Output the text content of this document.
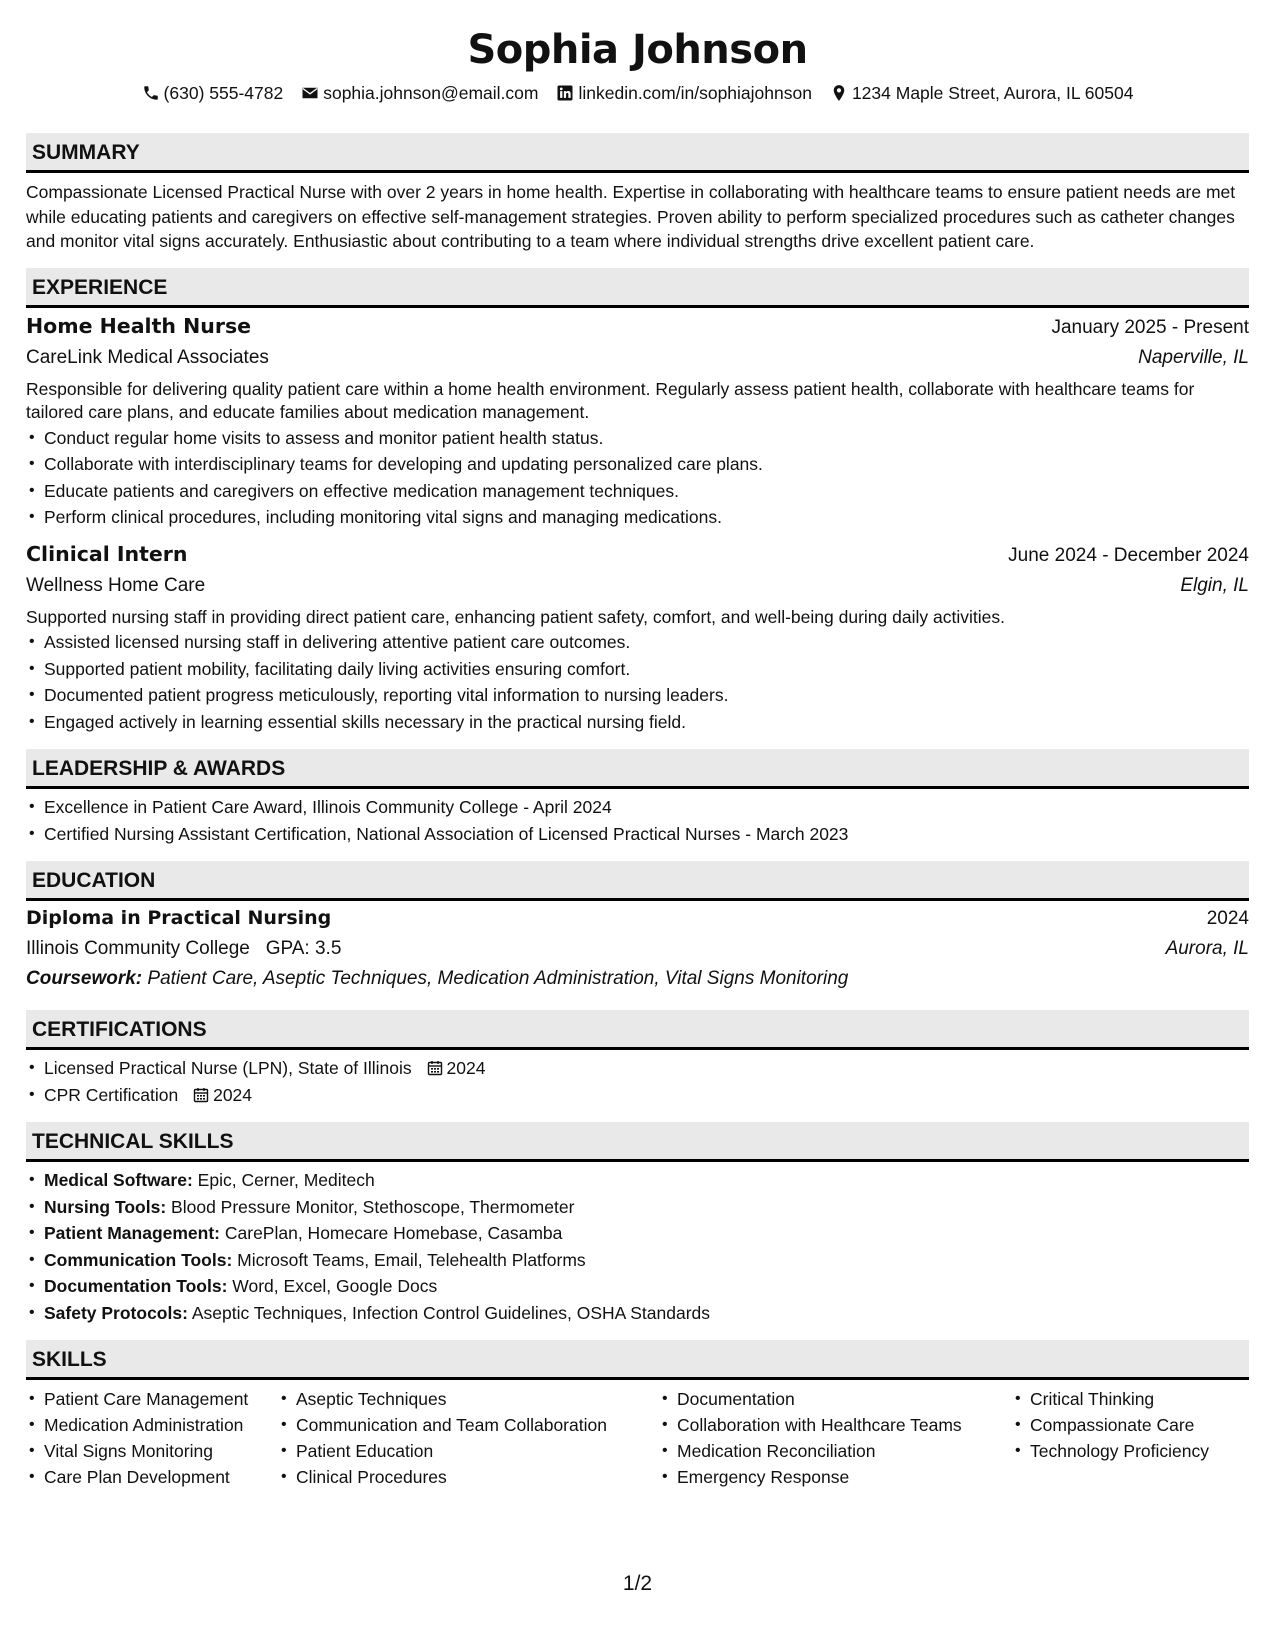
Sophia Johnson
(630) 555-4782 sophia.johnson@email.com linkedin.com/in/sophiajohnson 1234 Maple Street, Aurora, IL 60504
SUMMARY
Compassionate Licensed Practical Nurse with over 2 years in home health. Expertise in collaborating with healthcare teams to ensure patient needs are met while educating patients and caregivers on effective self-management strategies. Proven ability to perform specialized procedures such as catheter changes and monitor vital signs accurately. Enthusiastic about contributing to a team where individual strengths drive excellent patient care.
EXPERIENCE
Home Health Nurse	January 2025 - Present
CareLink Medical Associates	Naperville, IL
Responsible for delivering quality patient care within a home health environment. Regularly assess patient health, collaborate with healthcare teams for tailored care plans, and educate families about medication management.
• Conduct regular home visits to assess and monitor patient health status.
• Collaborate with interdisciplinary teams for developing and updating personalized care plans.
• Educate patients and caregivers on effective medication management techniques.
• Perform clinical procedures, including monitoring vital signs and managing medications.
Clinical Intern	June 2024 - December 2024
Wellness Home Care	Elgin, IL
Supported nursing staff in providing direct patient care, enhancing patient safety, comfort, and well-being during daily activities.
• Assisted licensed nursing staff in delivering attentive patient care outcomes.
• Supported patient mobility, facilitating daily living activities ensuring comfort.
• Documented patient progress meticulously, reporting vital information to nursing leaders.
• Engaged actively in learning essential skills necessary in the practical nursing field.
LEADERSHIP & AWARDS
• Excellence in Patient Care Award, Illinois Community College - April 2024
• Certified Nursing Assistant Certification, National Association of Licensed Practical Nurses - March 2023
EDUCATION
Diploma in Practical Nursing	2024
Illinois Community College GPA: 3.5	Aurora, IL
Coursework: Patient Care, Aseptic Techniques, Medication Administration, Vital Signs Monitoring
CERTIFICATIONS
• Licensed Practical Nurse (LPN), State of Illinois 2024
• CPR Certification 2024
TECHNICAL SKILLS
• Medical Software: Epic, Cerner, Meditech
• Nursing Tools: Blood Pressure Monitor, Stethoscope, Thermometer
• Patient Management: CarePlan, Homecare Homebase, Casamba
• Communication Tools: Microsoft Teams, Email, Telehealth Platforms
• Documentation Tools: Word, Excel, Google Docs
• Safety Protocols: Aseptic Techniques, Infection Control Guidelines, OSHA Standards
SKILLS
• Patient Care Management
• Medication Administration
• Vital Signs Monitoring
• Care Plan Development
• Aseptic Techniques
• Communication and Team Collaboration
• Patient Education
• Clinical Procedures
• Documentation
• Collaboration with Healthcare Teams
• Medication Reconciliation
• Emergency Response
• Critical Thinking
• Compassionate Care
• Technology Proficiency
1/2
